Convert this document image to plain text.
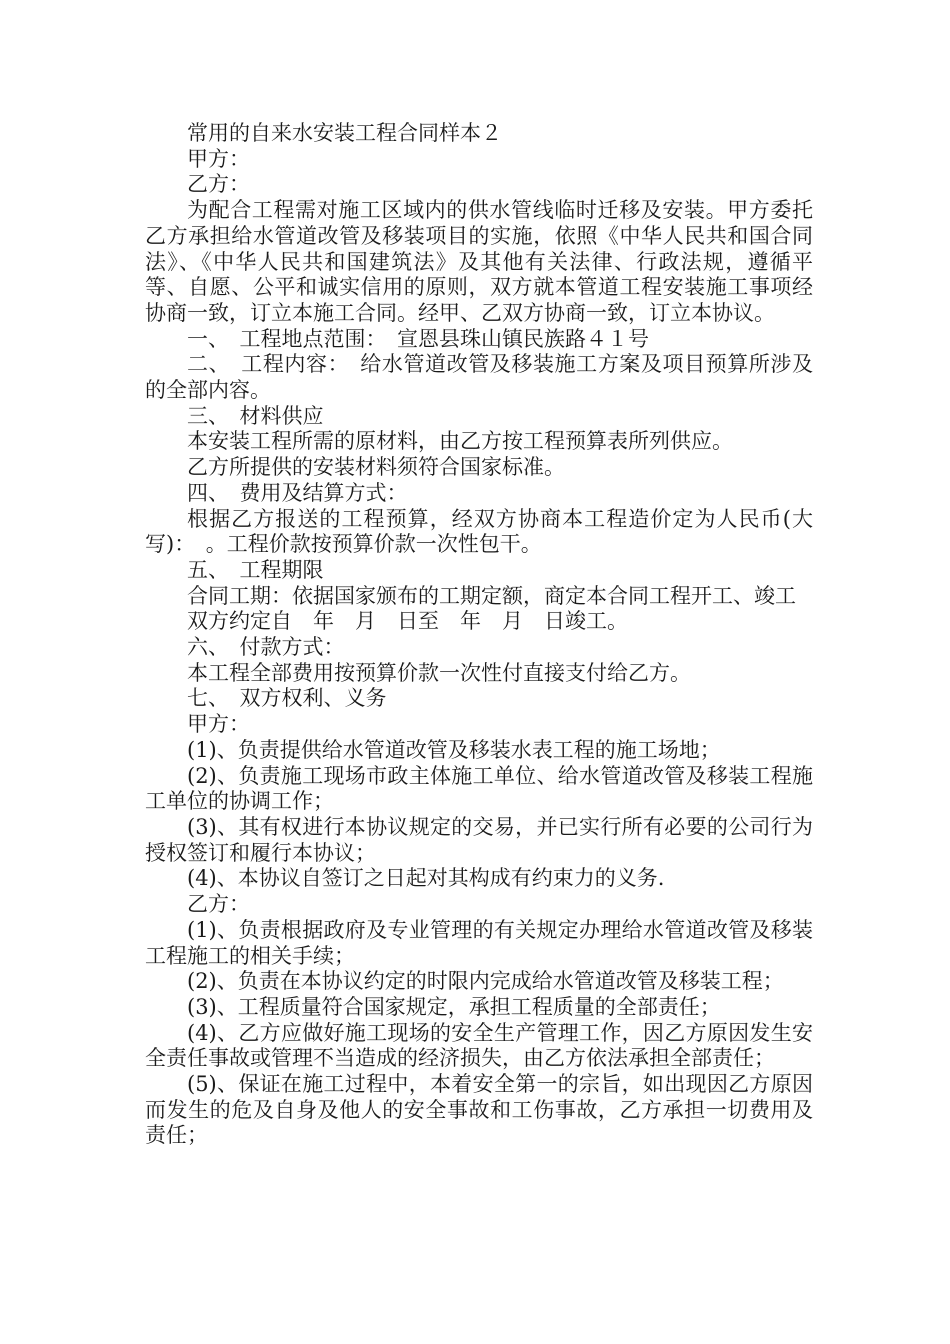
常用的自来水安装工程合同样本２

甲方：

乙方：

为配合工程需对施工区域内的供水管线临时迁移及安装。甲方委托乙方承担给水管道改管及移装项目的实施，依照《中华人民共和国合同法》、《中华人民共和国建筑法》及其他有关法律、行政法规，遵循平等、自愿、公平和诚实信用的原则，双方就本管道工程安装施工事项经协商一致，订立本施工合同。经甲、乙双方协商一致，订立本协议。

一、　工程地点范围：　宣恩县珠山镇民族路４１号

二、　工程内容：　给水管道改管及移装施工方案及项目预算所涉及的全部内容。

三、　材料供应

本安装工程所需的原材料，由乙方按工程预算表所列供应。

乙方所提供的安装材料须符合国家标准。

四、　费用及结算方式：

根据乙方报送的工程预算，经双方协商本工程造价定为人民币(大写)：　。工程价款按预算价款一次性包干。

五、　工程期限

合同工期：依据国家颁布的工期定额，商定本合同工程开工、竣工

双方约定自　年　月　日至　年　月　日竣工。

六、　付款方式：

本工程全部费用按预算价款一次性付直接支付给乙方。

七、　双方权利、义务

甲方：

(1)、负责提供给水管道改管及移装水表工程的施工场地；

(2)、负责施工现场市政主体施工单位、给水管道改管及移装工程施工单位的协调工作；

(3)、其有权进行本协议规定的交易，并已实行所有必要的公司行为授权签订和履行本协议；

(4)、本协议自签订之日起对其构成有约束力的义务.

乙方：

(1)、负责根据政府及专业管理的有关规定办理给水管道改管及移装工程施工的相关手续；

(2)、负责在本协议约定的时限内完成给水管道改管及移装工程；

(3)、工程质量符合国家规定，承担工程质量的全部责任；

(4)、乙方应做好施工现场的安全生产管理工作，因乙方原因发生安全责任事故或管理不当造成的经济损失，由乙方依法承担全部责任；

(5)、保证在施工过程中，本着安全第一的宗旨，如出现因乙方原因而发生的危及自身及他人的安全事故和工伤事故，乙方承担一切费用及责任；
